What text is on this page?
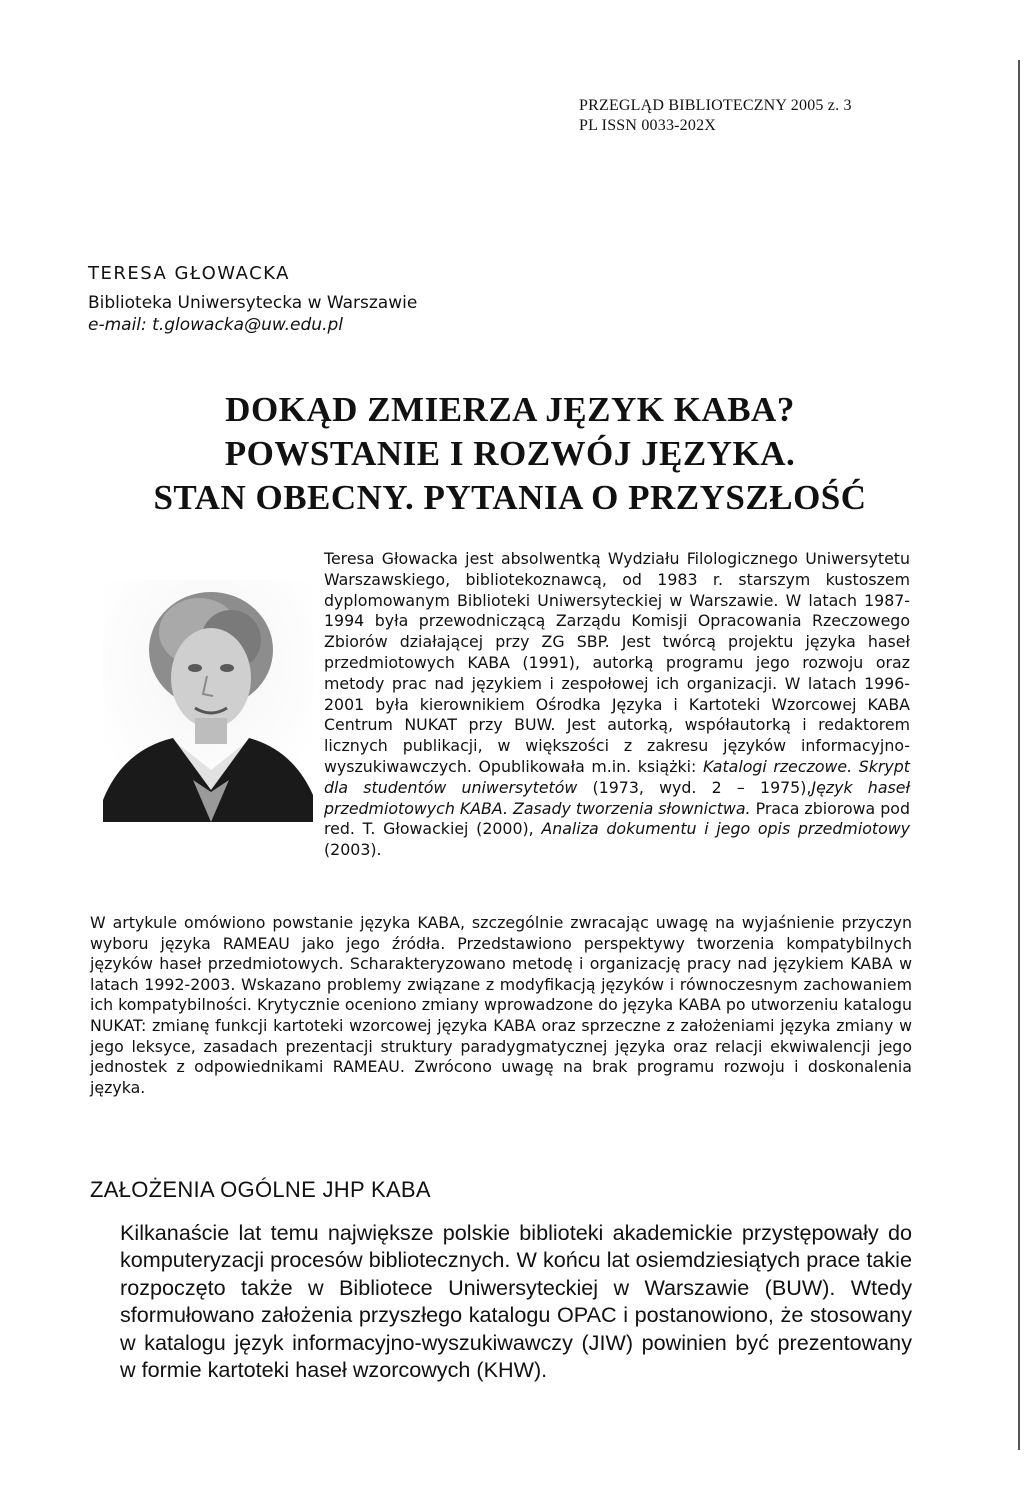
PRZEGLĄD BIBLIOTECZNY 2005 z. 3
PL ISSN 0033-202X
TERESA GŁOWACKA
Biblioteka Uniwersytecka w Warszawie
e-mail: t.glowacka@uw.edu.pl
DOKĄD ZMIERZA JĘZYK KABA?
POWSTANIE I ROZWÓJ JĘZYKA.
STAN OBECNY. PYTANIA O PRZYSZŁOŚĆ
Teresa Głowacka jest absolwentką Wydziału Filologicznego Uniwersytetu Warszawskiego, bibliotekoznawcą, od 1983 r. starszym kustoszem dyplomowanym Biblioteki Uniwersyteckiej w Warszawie. W latach 1987-1994 była przewodniczącą Zarządu Komisji Opracowania Rzeczowego Zbiorów działającej przy ZG SBP. Jest twórcą projektu języka haseł przedmiotowych KABA (1991), autorką programu jego rozwoju oraz metody prac nad językiem i zespołowej ich organizacji. W latach 1996-2001 była kierownikiem Ośrodka Języka i Kartoteki Wzorcowej KABA Centrum NUKAT przy BUW. Jest autorką, współautorką i redaktorem licznych publikacji, w większości z zakresu języków informacyjno-wyszukiwawczych. Opublikowała m.in. książki: Katalogi rzeczowe. Skrypt dla studentów uniwersytetów (1973, wyd. 2 – 1975),Język haseł przedmiotowych KABA. Zasady tworzenia słownictwa. Praca zbiorowa pod red. T. Głowackiej (2000), Analiza dokumentu i jego opis przedmiotowy (2003).
W artykule omówiono powstanie języka KABA, szczególnie zwracając uwagę na wyjaśnienie przyczyn wyboru języka RAMEAU jako jego źródła. Przedstawiono perspektywy tworzenia kompatybilnych języków haseł przedmiotowych. Scharakteryzowano metodę i organizację pracy nad językiem KABA w latach 1992-2003. Wskazano problemy związane z modyfikacją języków i równoczesnym zachowaniem ich kompatybilności. Krytycznie oceniono zmiany wprowadzone do języka KABA po utworzeniu katalogu NUKAT: zmianę funkcji kartoteki wzorcowej języka KABA oraz sprzeczne z założeniami języka zmiany w jego leksyce, zasadach prezentacji struktury paradygmatycznej języka oraz relacji ekwiwalencji jego jednostek z odpowiednikami RAMEAU. Zwrócono uwagę na brak programu rozwoju i doskonalenia języka.
ZAŁOŻENIA OGÓLNE JHP KABA
Kilkanaście lat temu największe polskie biblioteki akademickie przystępowały do komputeryzacji procesów bibliotecznych. W końcu lat osiemdziesiątych prace takie rozpoczęto także w Bibliotece Uniwersyteckiej w Warszawie (BUW). Wtedy sformułowano założenia przyszłego katalogu OPAC i postanowiono, że stosowany w katalogu język informacyjno-wyszukiwawczy (JIW) powinien być prezentowany w formie kartoteki haseł wzorcowych (KHW).
